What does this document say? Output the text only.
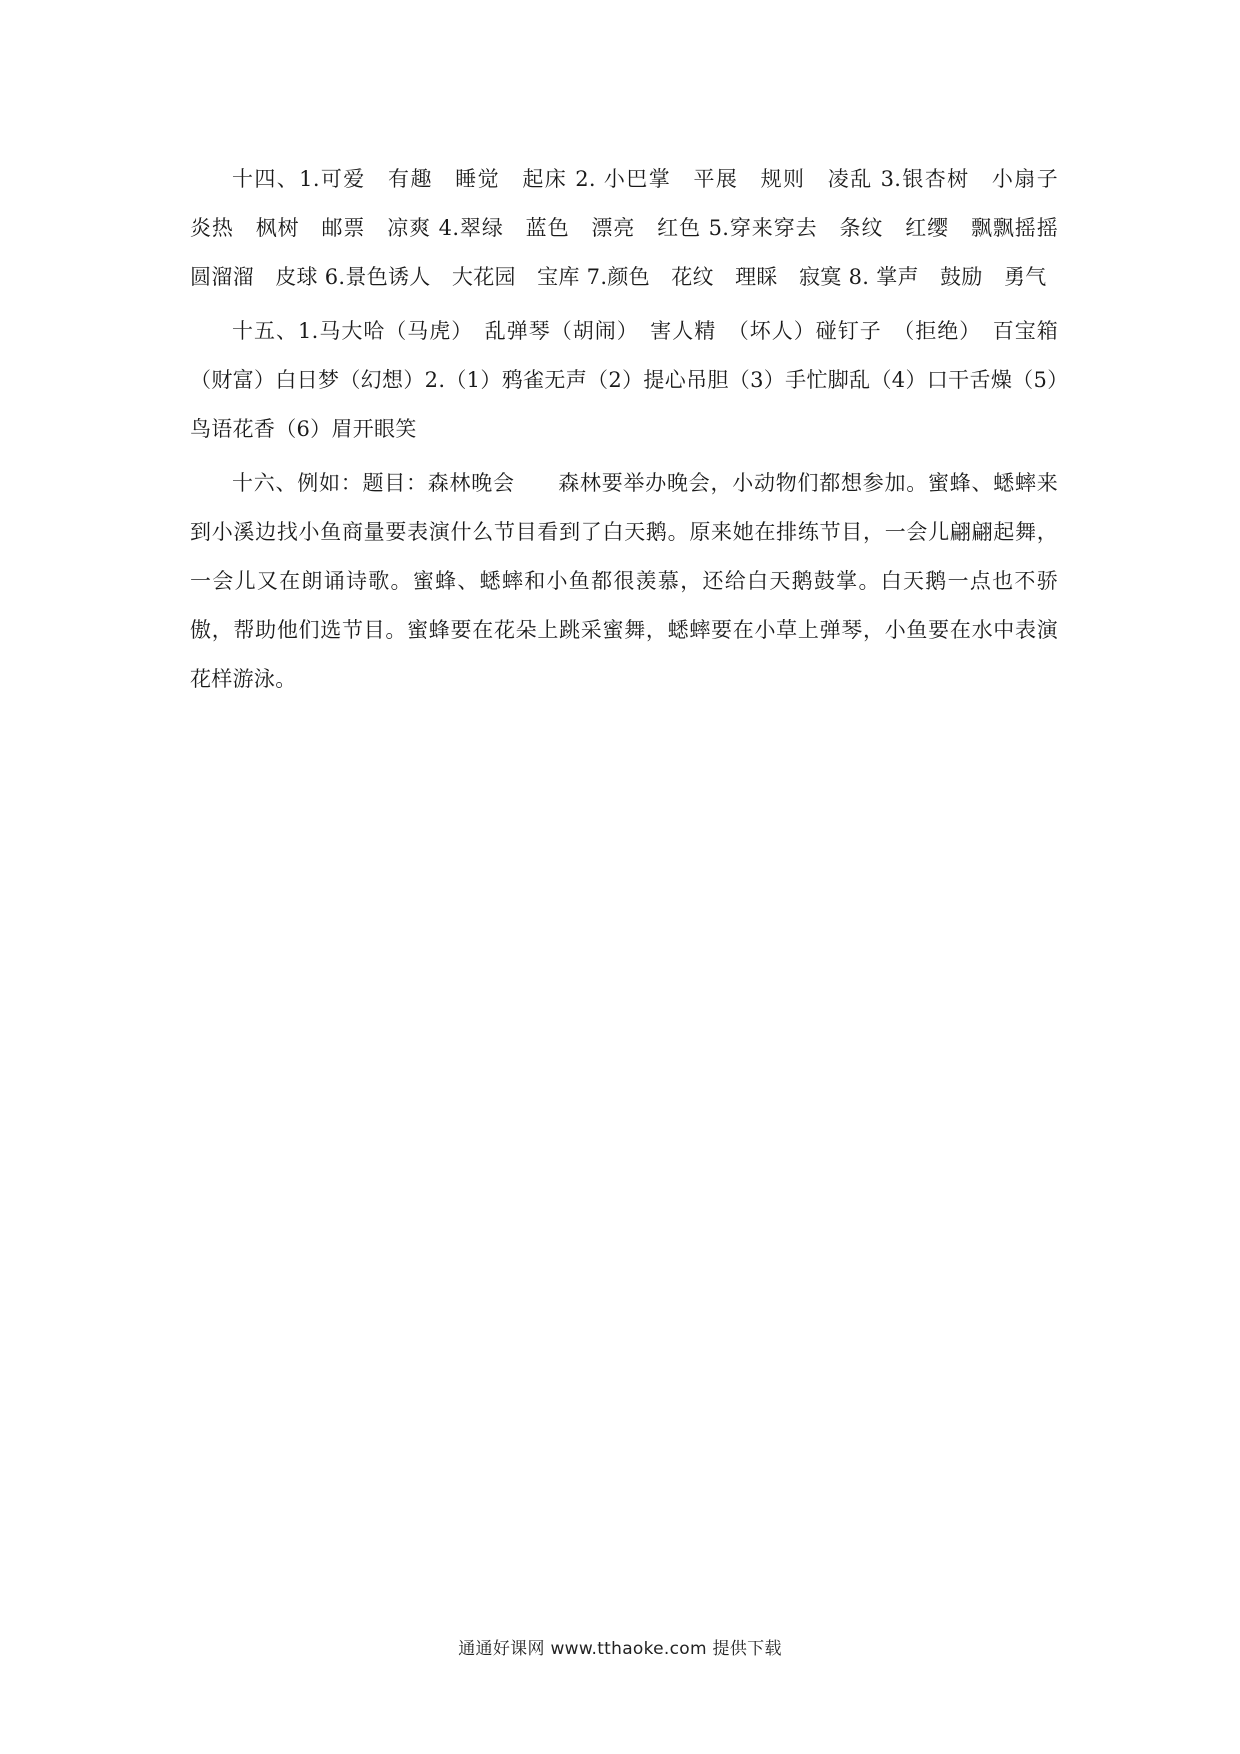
十四、1.可爱　有趣　睡觉　起床 2. 小巴掌　平展　规则　凌乱 3.银杏树　小扇子　炎热　枫树　邮票　凉爽 4.翠绿　蓝色　漂亮　红色 5.穿来穿去　条纹　红缨　飘飘摇摇　圆溜溜　皮球 6.景色诱人　大花园　宝库 7.颜色　花纹　理睬　寂寞 8. 掌声　鼓励　勇气

十五、1.马大哈（马虎）　乱弹琴（胡闹）　害人精　（坏人）碰钉子　（拒绝）　百宝箱（财富）白日梦（幻想）2.（1）鸦雀无声（2）提心吊胆（3）手忙脚乱（4）口干舌燥（5）鸟语花香（6）眉开眼笑

十六、例如：题目：森林晚会　　森林要举办晚会，小动物们都想参加。蜜蜂、蟋蟀来到小溪边找小鱼商量要表演什么节目看到了白天鹅。原来她在排练节目，一会儿翩翩起舞，一会儿又在朗诵诗歌。蜜蜂、蟋蟀和小鱼都很羡慕，还给白天鹅鼓掌。白天鹅一点也不骄傲，帮助他们选节目。蜜蜂要在花朵上跳采蜜舞，蟋蟀要在小草上弹琴，小鱼要在水中表演花样游泳。

通通好课网 www.tthaoke.com 提供下载
